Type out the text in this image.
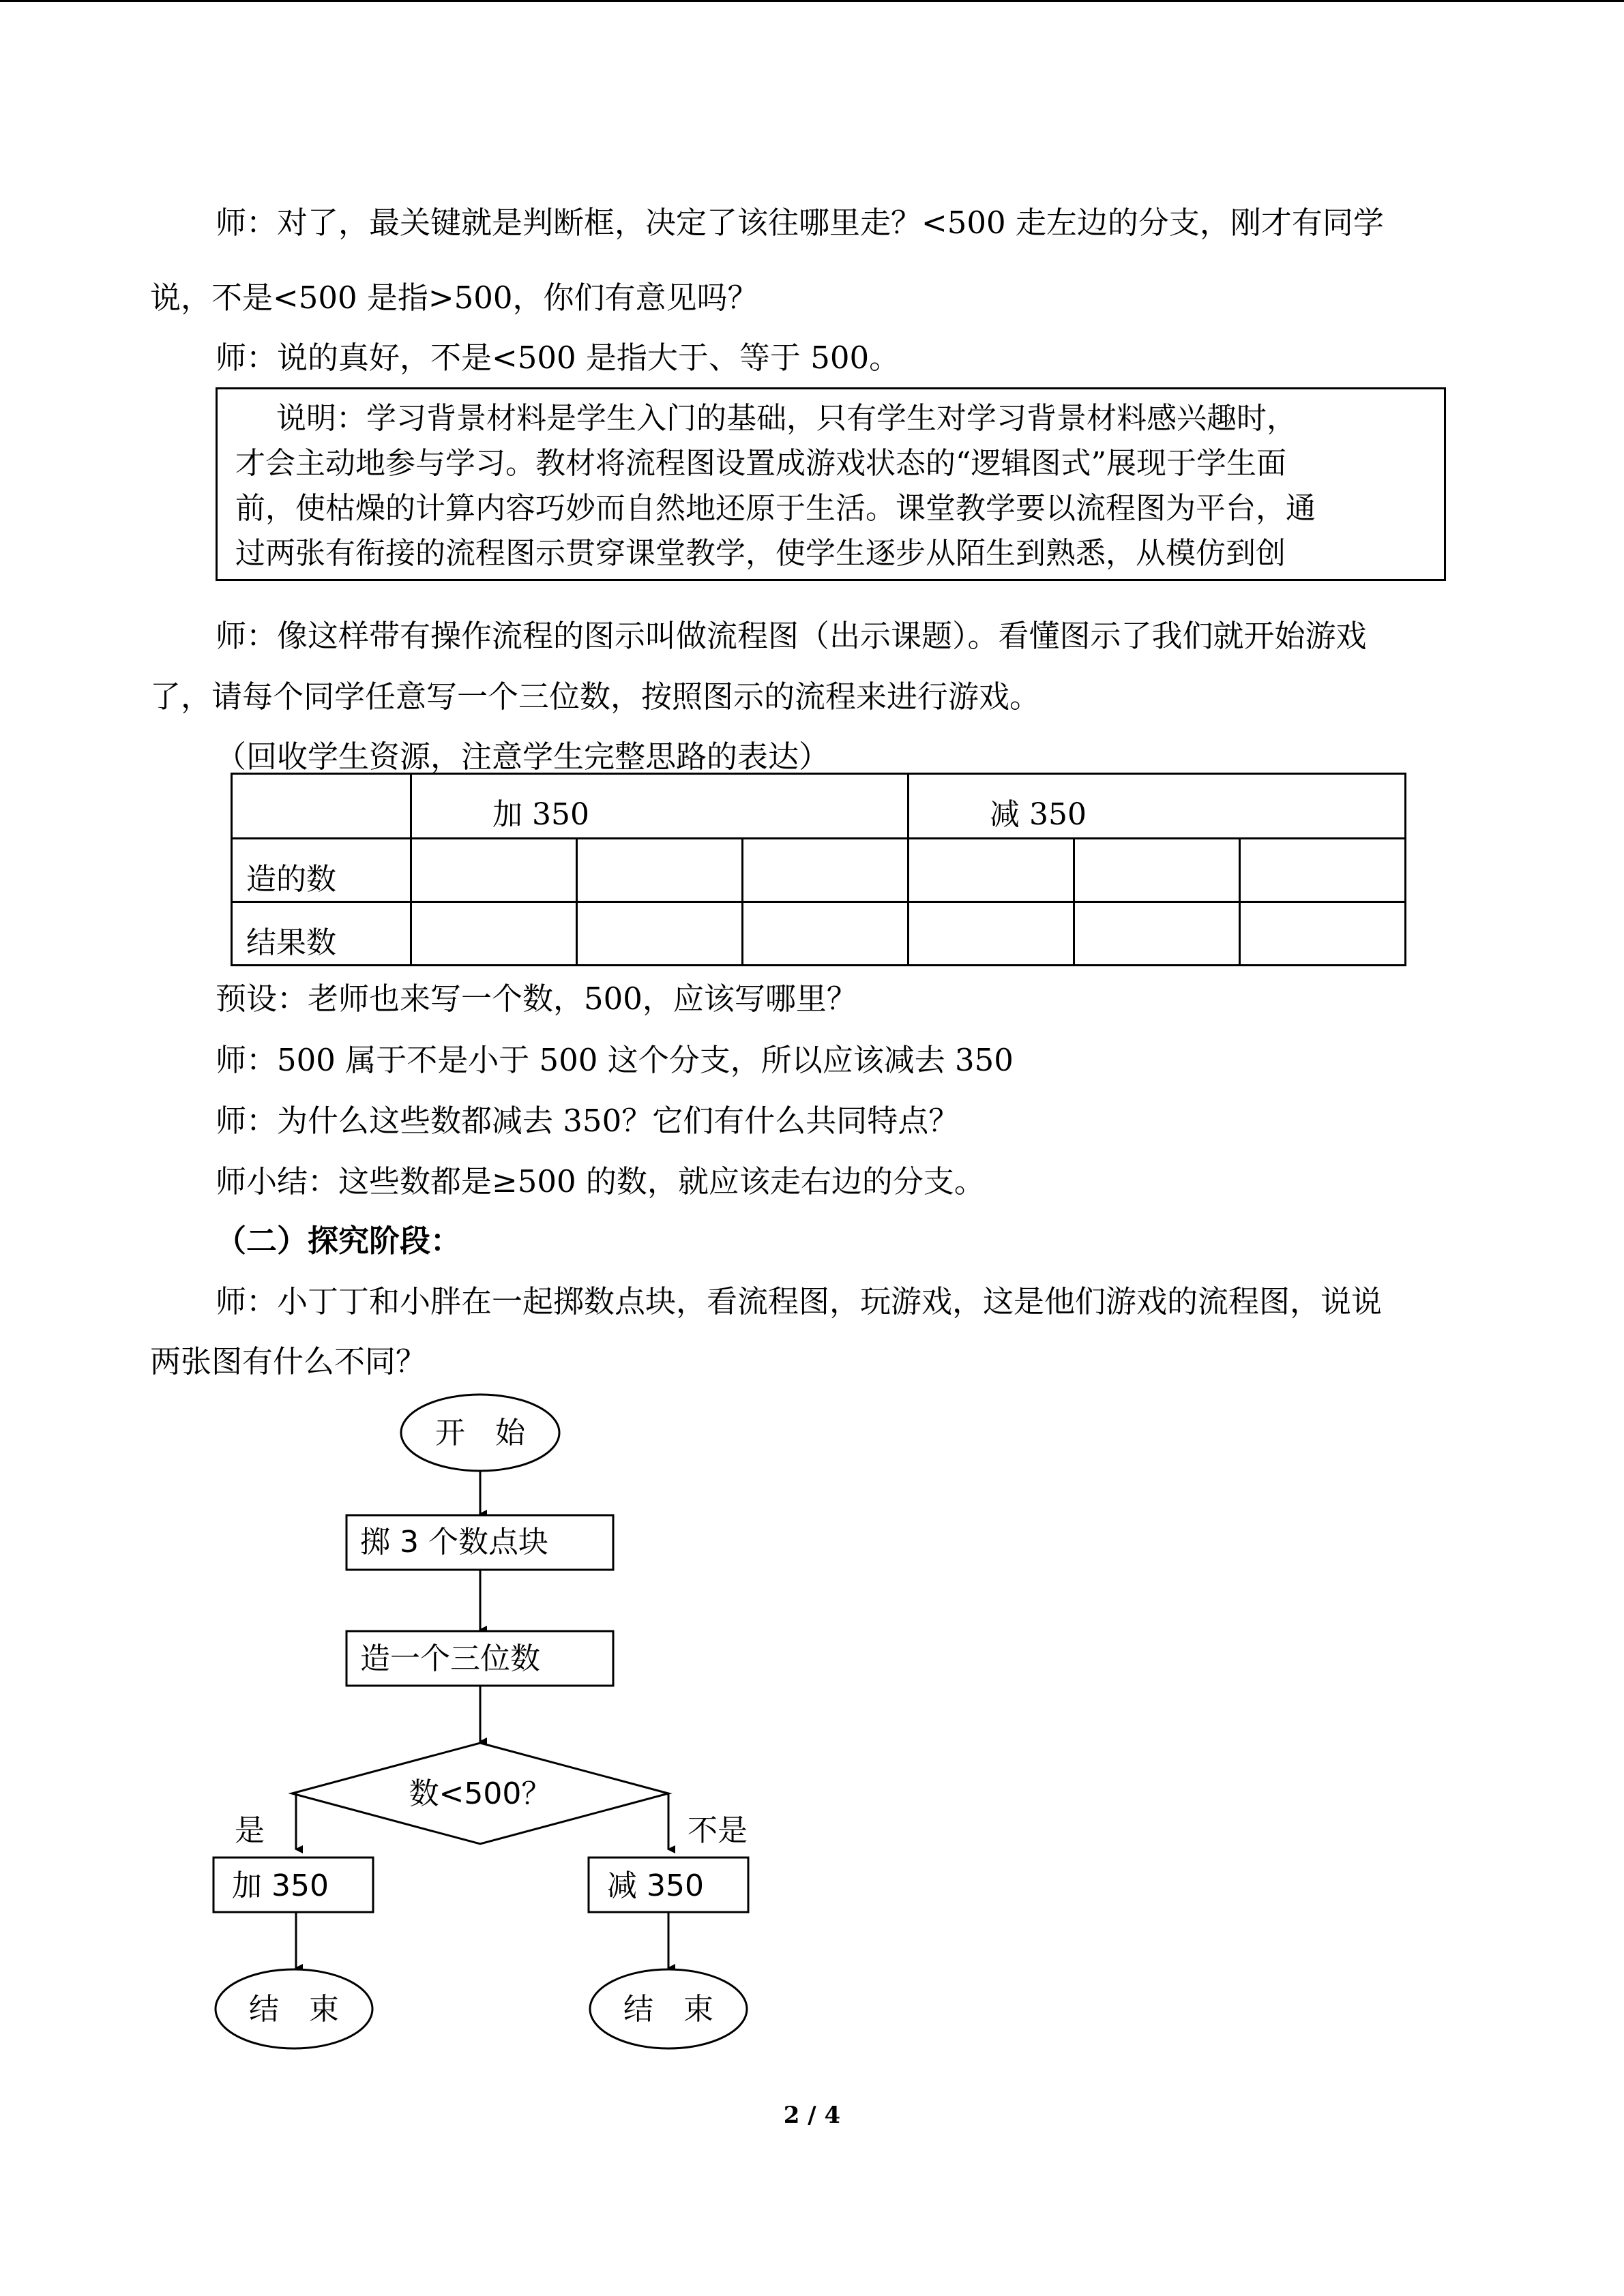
师：对了，最关键就是判断框，决定了该往哪里走？<500 走左边的分支，刚才有同学

说，不是<500 是指>500，你们有意见吗？

师：说的真好，不是<500 是指大于、等于 500。

说明：学习背景材料是学生入门的基础，只有学生对学习背景材料感兴趣时，
才会主动地参与学习。教材将流程图设置成游戏状态的“逻辑图式”展现于学生面
前，使枯燥的计算内容巧妙而自然地还原于生活。课堂教学要以流程图为平台，通
过两张有衔接的流程图示贯穿课堂教学，使学生逐步从陌生到熟悉，从模仿到创

师：像这样带有操作流程的图示叫做流程图（出示课题）。看懂图示了我们就开始游戏

了，请每个同学任意写一个三位数，按照图示的流程来进行游戏。

（回收学生资源，注意学生完整思路的表达）

	加 350			减 350		
造的数						
结果数						

预设：老师也来写一个数，500，应该写哪里？

师：500 属于不是小于 500 这个分支，所以应该减去 350

师：为什么这些数都减去 350？它们有什么共同特点？

师小结：这些数都是≥500 的数，就应该走右边的分支。

（二）探究阶段：

师：小丁丁和小胖在一起掷数点块，看流程图，玩游戏，这是他们游戏的流程图，说说

两张图有什么不同？

开　始
掷 3 个数点块
造一个三位数
数<500？
是	不是
加 350	减 350
结　束	结　束
2 / 4
